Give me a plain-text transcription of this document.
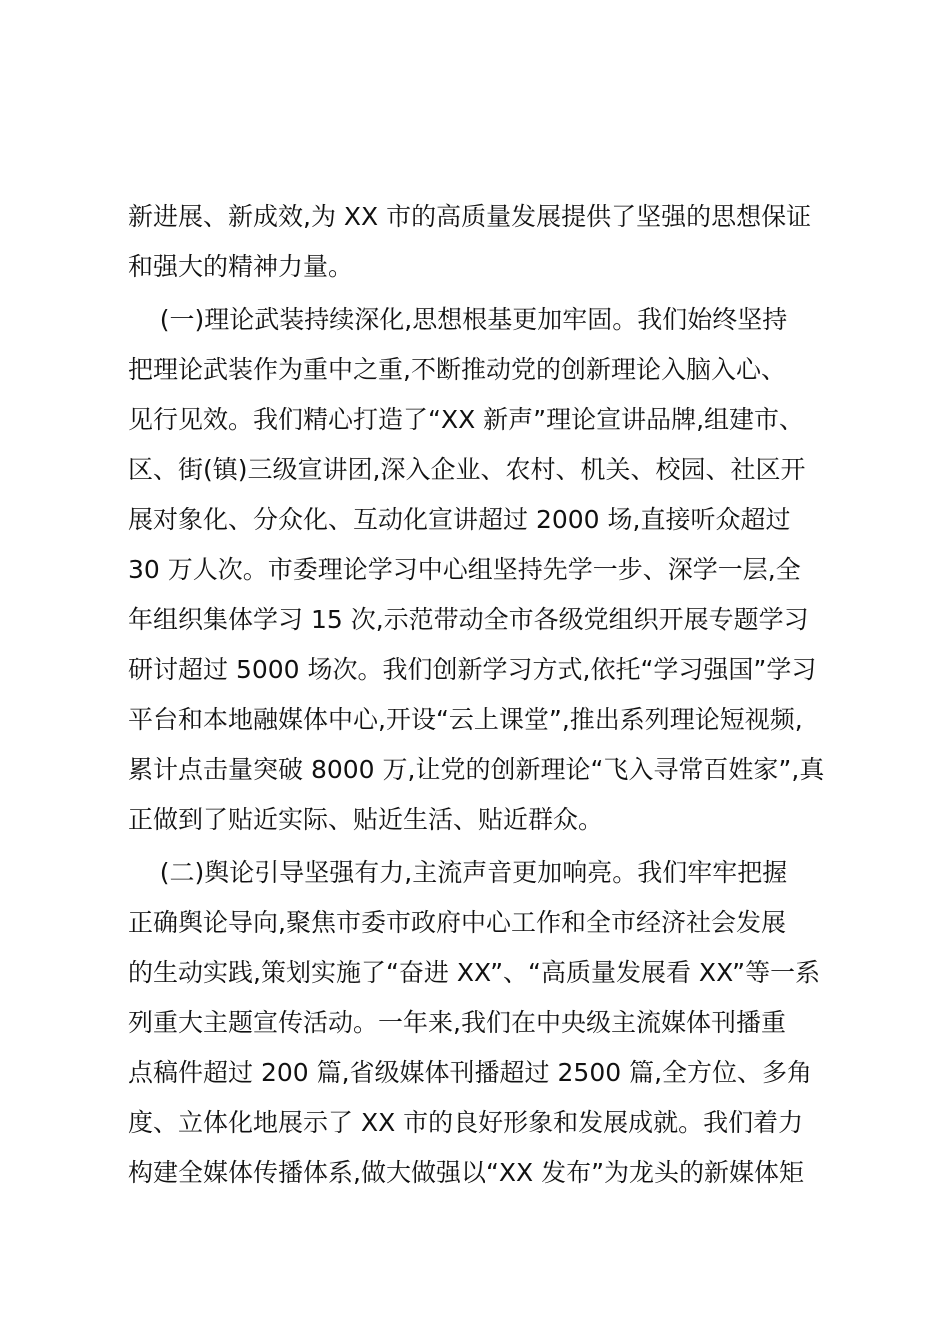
新进展、新成效,为 XX 市的高质量发展提供了坚强的思想保证
和强大的精神力量。
(一)理论武装持续深化,思想根基更加牢固。我们始终坚持
把理论武装作为重中之重,不断推动党的创新理论入脑入心、
见行见效。我们精心打造了“XX 新声”理论宣讲品牌,组建市、
区、街(镇)三级宣讲团,深入企业、农村、机关、校园、社区开
展对象化、分众化、互动化宣讲超过 2000 场,直接听众超过
30 万人次。市委理论学习中心组坚持先学一步、深学一层,全
年组织集体学习 15 次,示范带动全市各级党组织开展专题学习
研讨超过 5000 场次。我们创新学习方式,依托“学习强国”学习
平台和本地融媒体中心,开设“云上课堂”,推出系列理论短视频,
累计点击量突破 8000 万,让党的创新理论“飞入寻常百姓家”,真
正做到了贴近实际、贴近生活、贴近群众。
(二)舆论引导坚强有力,主流声音更加响亮。我们牢牢把握
正确舆论导向,聚焦市委市政府中心工作和全市经济社会发展
的生动实践,策划实施了“奋进 XX”、“高质量发展看 XX”等一系
列重大主题宣传活动。一年来,我们在中央级主流媒体刊播重
点稿件超过 200 篇,省级媒体刊播超过 2500 篇,全方位、多角
度、立体化地展示了 XX 市的良好形象和发展成就。我们着力
构建全媒体传播体系,做大做强以“XX 发布”为龙头的新媒体矩
